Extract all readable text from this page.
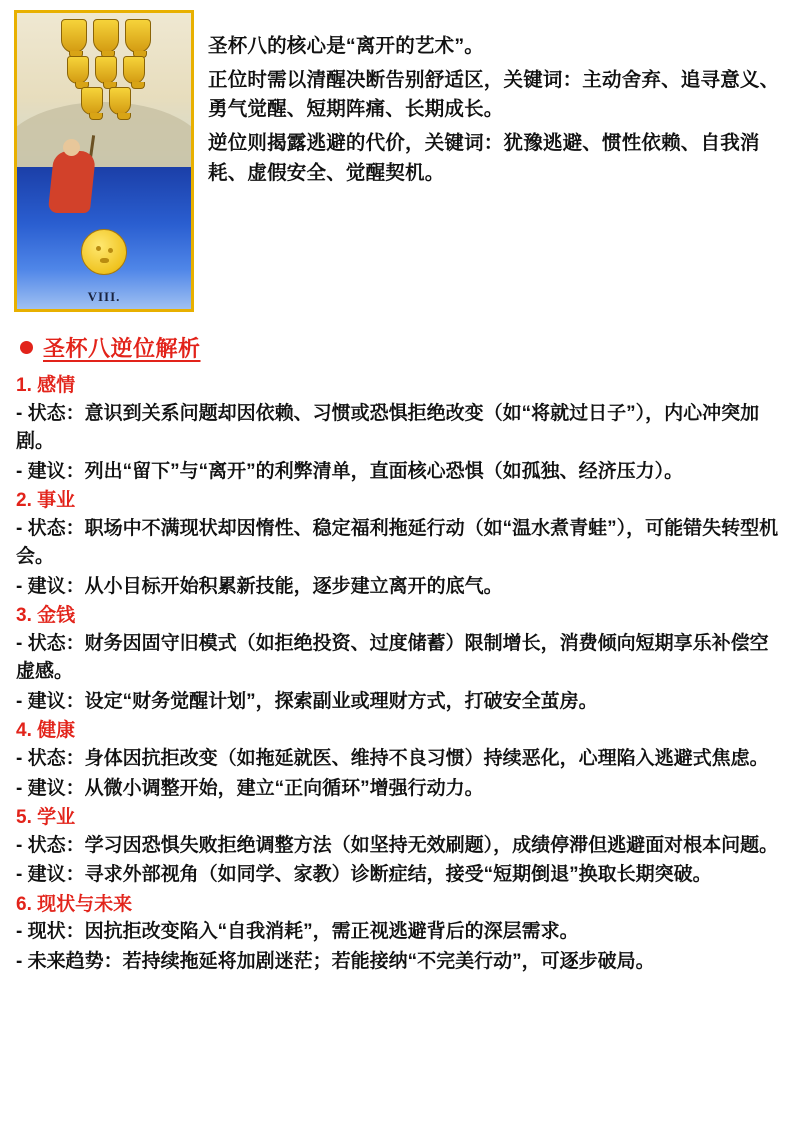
VIII.

圣杯八的核心是“离开的艺术”。

正位时需以清醒决断告别舒适区，关键词：主动舍弃、追寻意义、勇气觉醒、短期阵痛、长期成长。

逆位则揭露逃避的代价，关键词：犹豫逃避、惯性依赖、自我消耗、虚假安全、觉醒契机。

圣杯八逆位解析
1. 感情
- 状态：意识到关系问题却因依赖、习惯或恐惧拒绝改变（如“将就过日子”），内心冲突加剧。
- 建议：列出“留下”与“离开”的利弊清单，直面核心恐惧（如孤独、经济压力）。
2. 事业
- 状态：职场中不满现状却因惰性、稳定福利拖延行动（如“温水煮青蛙”），可能错失转型机会。
- 建议：从小目标开始积累新技能，逐步建立离开的底气。
3. 金钱
- 状态：财务因固守旧模式（如拒绝投资、过度储蓄）限制增长，消费倾向短期享乐补偿空虚感。
- 建议：设定“财务觉醒计划”，探索副业或理财方式，打破安全茧房。
4. 健康
- 状态：身体因抗拒改变（如拖延就医、维持不良习惯）持续恶化，心理陷入逃避式焦虑。
- 建议：从微小调整开始，建立“正向循环”增强行动力。
5. 学业
- 状态：学习因恐惧失败拒绝调整方法（如坚持无效刷题），成绩停滞但逃避面对根本问题。
- 建议：寻求外部视角（如同学、家教）诊断症结，接受“短期倒退”换取长期突破。
6. 现状与未来
- 现状：因抗拒改变陷入“自我消耗”，需正视逃避背后的深层需求。
- 未来趋势：若持续拖延将加剧迷茫；若能接纳“不完美行动”，可逐步破局。
